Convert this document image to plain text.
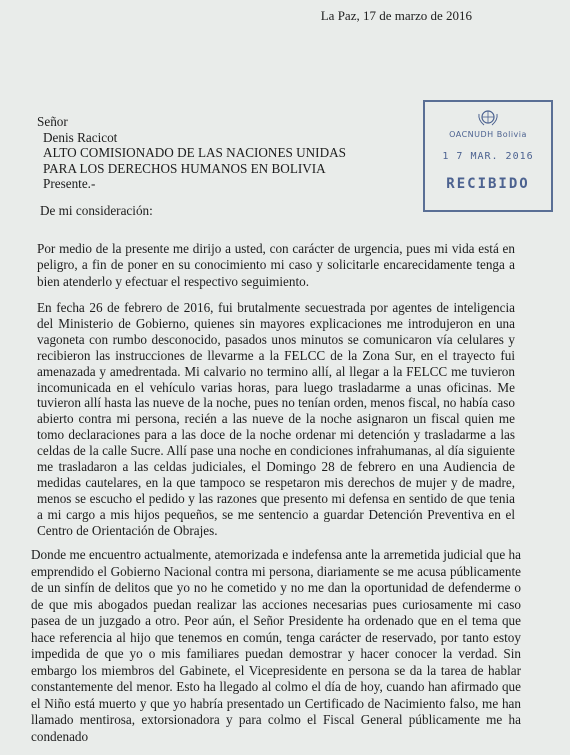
La Paz, 17 de marzo de 2016
Señor
Denis Racicot
ALTO COMISIONADO DE LAS NACIONES UNIDAS
PARA LOS DERECHOS HUMANOS EN BOLIVIA
Presente.-
OACNUDH Bolivia
1 7 MAR. 2016
RECIBIDO
De mi consideración:
Por medio de la presente me dirijo a usted, con carácter de urgencia, pues mi vida está en peligro, a fin de poner en su conocimiento mi caso y solicitarle encarecidamente tenga a bien atenderlo y efectuar el respectivo seguimiento.
En fecha 26 de febrero de 2016, fui brutalmente secuestrada por agentes de inteligencia del Ministerio de Gobierno, quienes sin mayores explicaciones me introdujeron en una vagoneta con rumbo desconocido, pasados unos minutos se comunicaron vía celulares y recibieron las instrucciones de llevarme a la FELCC de la Zona Sur, en el trayecto fui amenazada y amedrentada. Mi calvario no termino allí, al llegar a la FELCC me tuvieron incomunicada en el vehículo varias horas, para luego trasladarme a unas oficinas. Me tuvieron allí hasta las nueve de la noche, pues no tenían orden, menos fiscal, no había caso abierto contra mi persona, recién a las nueve de la noche asignaron un fiscal quien me tomo declaraciones para a las doce de la noche ordenar mi detención y trasladarme a las celdas de la calle Sucre. Allí pase una noche en condiciones infrahumanas, al día siguiente me trasladaron a las celdas judiciales, el Domingo 28 de febrero en una Audiencia de medidas cautelares, en la que tampoco se respetaron mis derechos de mujer y de madre, menos se escucho el pedido y las razones que presento mi defensa en sentido de que tenia a mi cargo a mis hijos pequeños, se me sentencio a guardar Detención Preventiva en el Centro de Orientación de Obrajes.
Donde me encuentro actualmente, atemorizada e indefensa ante la arremetida judicial que ha emprendido el Gobierno Nacional contra mi persona, diariamente se me acusa públicamente de un sinfín de delitos que yo no he cometido y no me dan la oportunidad de defenderme o de que mis abogados puedan realizar las acciones necesarias pues curiosamente mi caso pasea de un juzgado a otro. Peor aún, el Señor Presidente ha ordenado que en el tema que hace referencia al hijo que tenemos en común, tenga carácter de reservado, por tanto estoy impedida de que yo o mis familiares puedan demostrar y hacer conocer la verdad. Sin embargo los miembros del Gabinete, el Vicepresidente en persona se da la tarea de hablar constantemente del menor. Esto ha llegado al colmo el día de hoy, cuando han afirmado que el Niño está muerto y que yo habría presentado un Certificado de Nacimiento falso, me han llamado mentirosa, extorsionadora y para colmo el Fiscal General públicamente me ha condenado
